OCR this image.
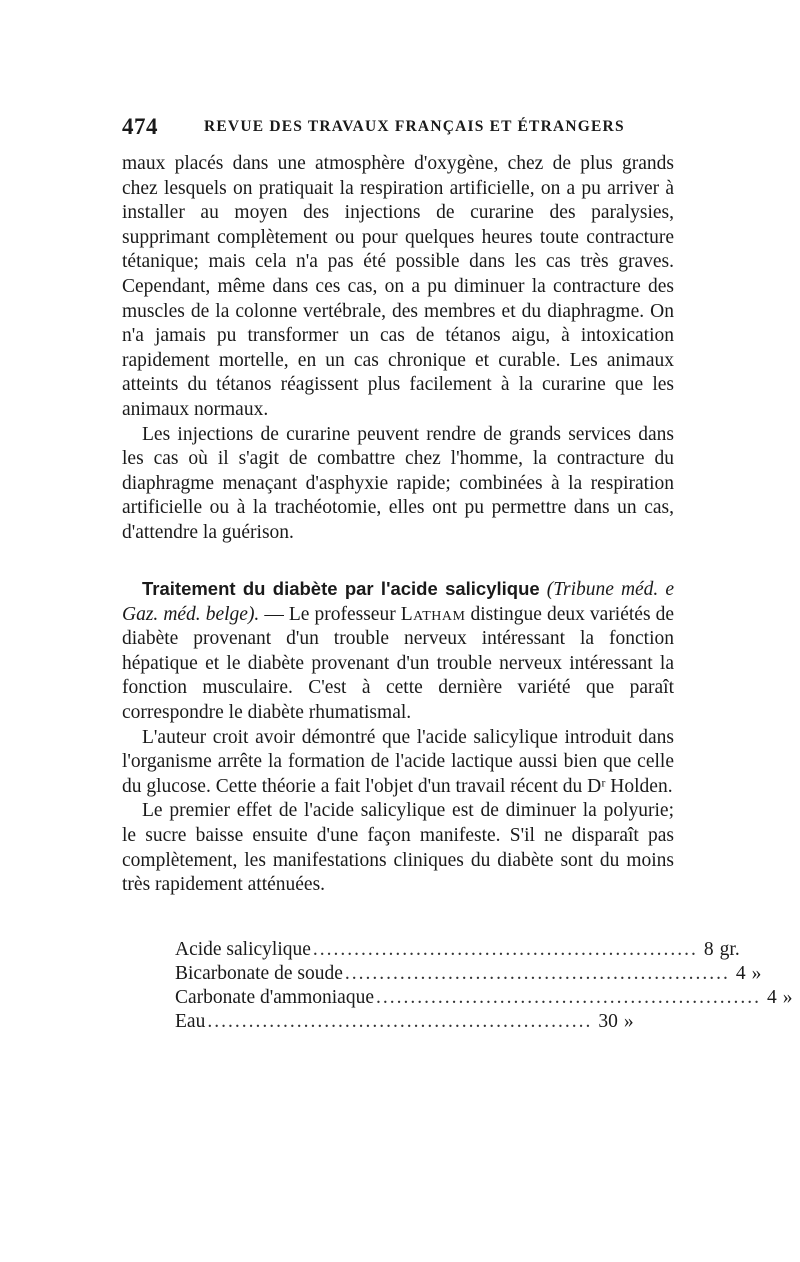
474	REVUE DES TRAVAUX FRANÇAIS ET ÉTRANGERS

maux placés dans une atmosphère d'oxygène, chez de plus grands chez lesquels on pratiquait la respiration artificielle, on a pu arriver à installer au moyen des injections de curarine des paralysies, supprimant complètement ou pour quelques heures toute contracture tétanique; mais cela n'a pas été possible dans les cas très graves. Cependant, même dans ces cas, on a pu diminuer la contracture des muscles de la colonne vertébrale, des membres et du diaphragme. On n'a jamais pu transformer un cas de tétanos aigu, à intoxication rapidement mortelle, en un cas chronique et curable. Les animaux atteints du tétanos réagissent plus facilement à la curarine que les animaux normaux.

Les injections de curarine peuvent rendre de grands services dans les cas où il s'agit de combattre chez l'homme, la contracture du diaphragme menaçant d'asphyxie rapide; combinées à la respiration artificielle ou à la trachéotomie, elles ont pu permettre dans un cas, d'attendre la guérison.

Traitement du diabète par l'acide salicylique (Tribune méd. e Gaz. méd. belge). — Le professeur Latham distingue deux variétés de diabète provenant d'un trouble nerveux intéressant la fonction hépatique et le diabète provenant d'un trouble nerveux intéressant la fonction musculaire. C'est à cette dernière variété que paraît correspondre le diabète rhumatismal.

L'auteur croit avoir démontré que l'acide salicylique introduit dans l'organisme arrête la formation de l'acide lactique aussi bien que celle du glucose. Cette théorie a fait l'objet d'un travail récent du Dʳ Holden.

Le premier effet de l'acide salicylique est de diminuer la polyurie; le sucre baisse ensuite d'une façon manifeste. S'il ne disparaît pas complètement, les manifestations cliniques du diabète sont du moins très rapidement atténuées.

Acide salicylique ........................................................ 8 gr.
Bicarbonate de soude ........................................................ 4 »
Carbonate d'ammoniaque ........................................................ 4 »
Eau ........................................................ 30 »
